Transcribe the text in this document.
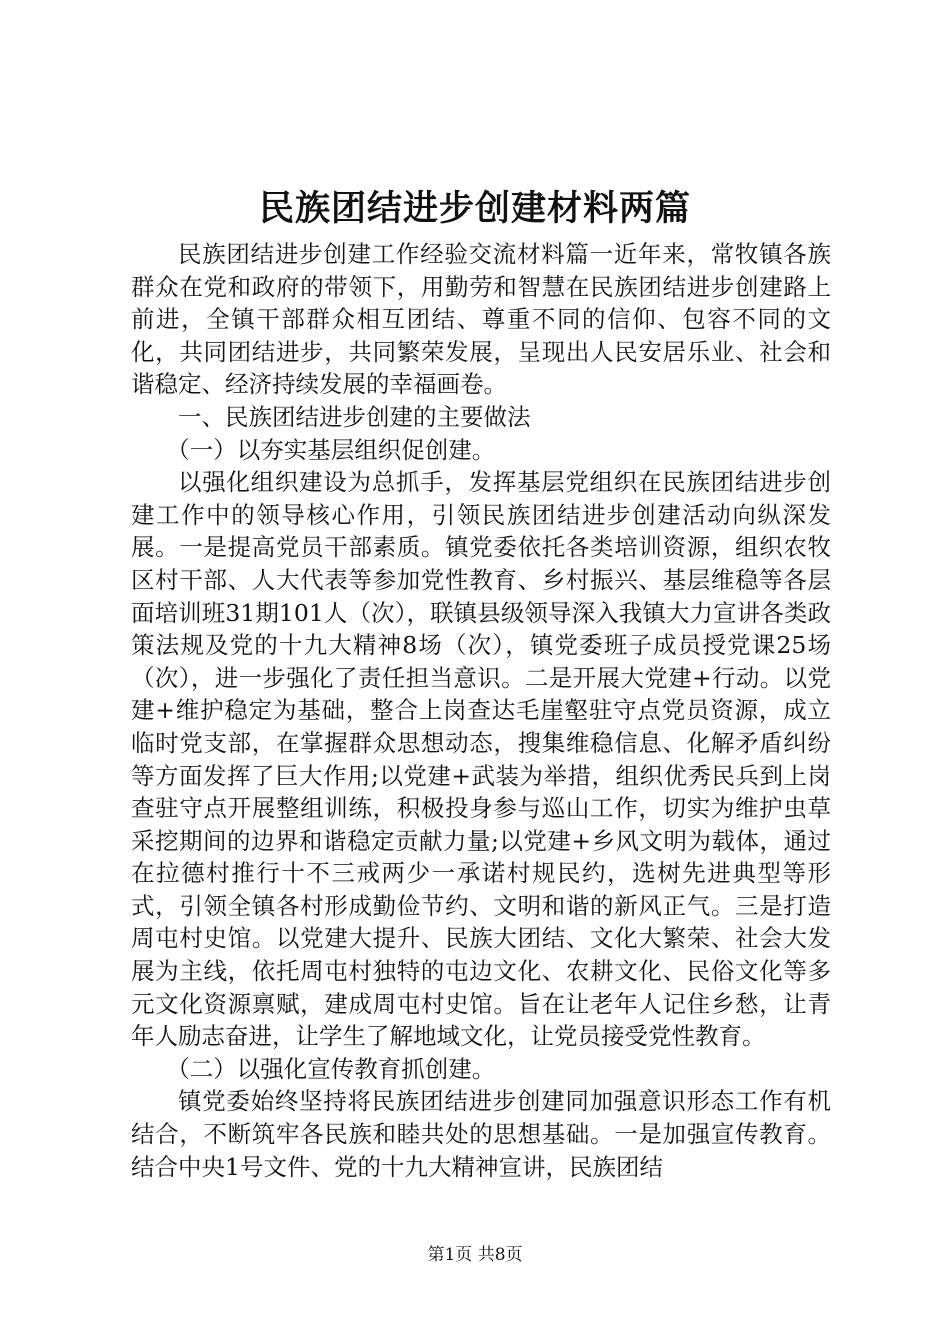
民族团结进步创建材料两篇

民族团结进步创建工作经验交流材料篇一近年来，常牧镇各族群众在党和政府的带领下，用勤劳和智慧在民族团结进步创建路上前进，全镇干部群众相互团结、尊重不同的信仰、包容不同的文化，共同团结进步，共同繁荣发展，呈现出人民安居乐业、社会和谐稳定、经济持续发展的幸福画卷。

一、民族团结进步创建的主要做法

（一）以夯实基层组织促创建。

以强化组织建设为总抓手，发挥基层党组织在民族团结进步创建工作中的领导核心作用，引领民族团结进步创建活动向纵深发展。一是提高党员干部素质。镇党委依托各类培训资源，组织农牧区村干部、人大代表等参加党性教育、乡村振兴、基层维稳等各层面培训班31期101人（次），联镇县级领导深入我镇大力宣讲各类政策法规及党的十九大精神8场（次），镇党委班子成员授党课25场（次），进一步强化了责任担当意识。二是开展大党建+行动。以党建+维护稳定为基础，整合上岗查达毛崖壑驻守点党员资源，成立临时党支部，在掌握群众思想动态，搜集维稳信息、化解矛盾纠纷等方面发挥了巨大作用;以党建+武装为举措，组织优秀民兵到上岗查驻守点开展整组训练，积极投身参与巡山工作，切实为维护虫草采挖期间的边界和谐稳定贡献力量;以党建+乡风文明为载体，通过在拉德村推行十不三戒两少一承诺村规民约，选树先进典型等形式，引领全镇各村形成勤俭节约、文明和谐的新风正气。三是打造周屯村史馆。以党建大提升、民族大团结、文化大繁荣、社会大发展为主线，依托周屯村独特的屯边文化、农耕文化、民俗文化等多元文化资源禀赋，建成周屯村史馆。旨在让老年人记住乡愁，让青年人励志奋进，让学生了解地域文化，让党员接受党性教育。

（二）以强化宣传教育抓创建。

镇党委始终坚持将民族团结进步创建同加强意识形态工作有机结合，不断筑牢各民族和睦共处的思想基础。一是加强宣传教育。结合中央1号文件、党的十九大精神宣讲，民族团结

第1页 共8页
